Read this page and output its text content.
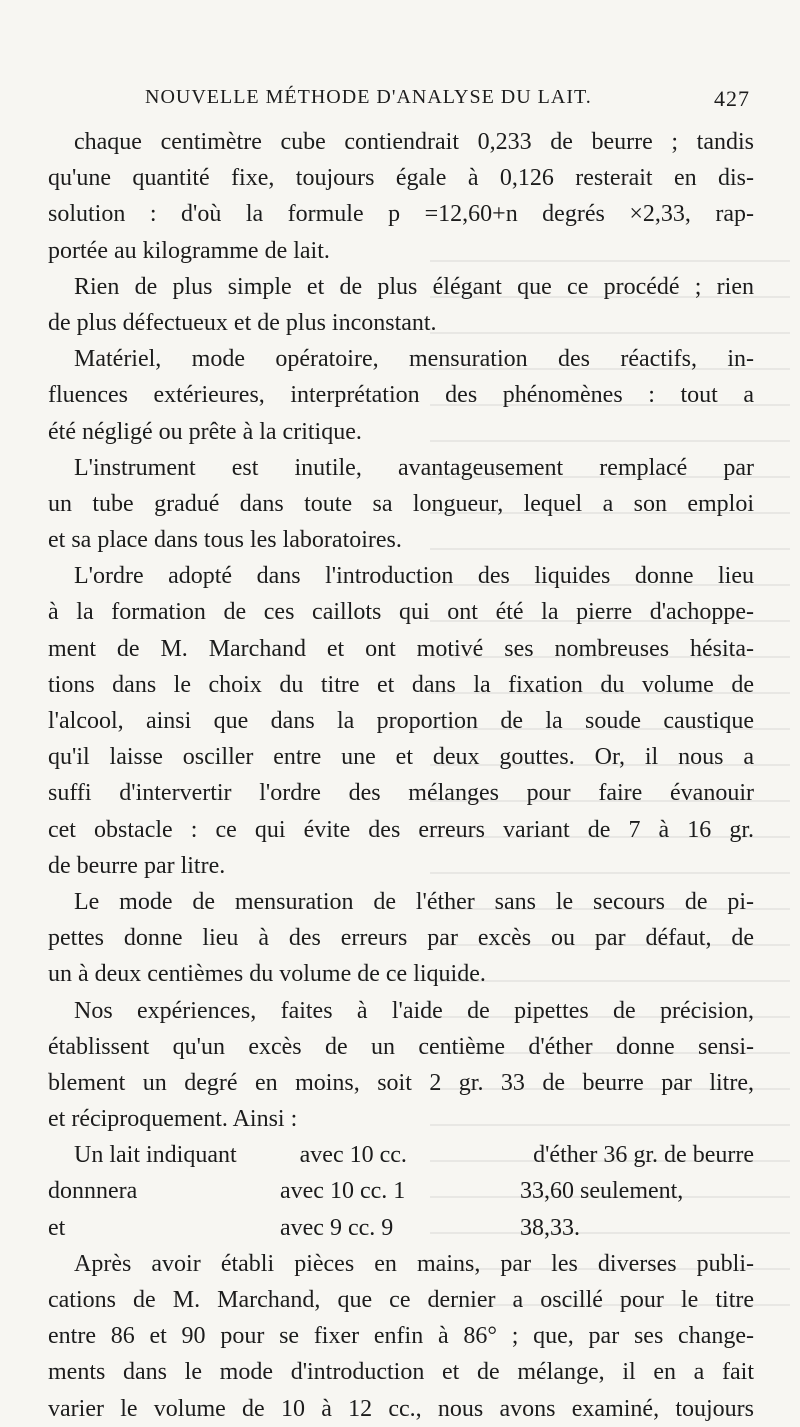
NOUVELLE MÉTHODE D'ANALYSE DU LAIT.	427
chaque centimètre cube contiendrait 0,233 de beurre ; tandis
qu'une quantité fixe, toujours égale à 0,126 resterait en dis-
solution : d'où la formule p =12,60+n degrés ×2,33, rap-
portée au kilogramme de lait.
Rien de plus simple et de plus élégant que ce procédé ; rien
de plus défectueux et de plus inconstant.
Matériel, mode opératoire, mensuration des réactifs, in-
fluences extérieures, interprétation des phénomènes : tout a
été négligé ou prête à la critique.
L'instrument est inutile, avantageusement remplacé par
un tube gradué dans toute sa longueur, lequel a son emploi
et sa place dans tous les laboratoires.
L'ordre adopté dans l'introduction des liquides donne lieu
à la formation de ces caillots qui ont été la pierre d'achoppe-
ment de M. Marchand et ont motivé ses nombreuses hésita-
tions dans le choix du titre et dans la fixation du volume de
l'alcool, ainsi que dans la proportion de la soude caustique
qu'il laisse osciller entre une et deux gouttes. Or, il nous a
suffi d'intervertir l'ordre des mélanges pour faire évanouir
cet obstacle : ce qui évite des erreurs variant de 7 à 16 gr.
de beurre par litre.
Le mode de mensuration de l'éther sans le secours de pi-
pettes donne lieu à des erreurs par excès ou par défaut, de
un à deux centièmes du volume de ce liquide.
Nos expériences, faites à l'aide de pipettes de précision,
établissent qu'un excès de un centième d'éther donne sensi-
blement un degré en moins, soit 2 gr. 33 de beurre par litre,
et réciproquement. Ainsi :
Un lait indiquant	avec 10 cc.	d'éther 36 gr. de beurre
donnnera	avec 10 cc. 1	33,60 seulement,
et	avec 9 cc. 9	38,33.
Après avoir établi pièces en mains, par les diverses publi-
cations de M. Marchand, que ce dernier a oscillé pour le titre
entre 86 et 90 pour se fixer enfin à 86° ; que, par ses change-
ments dans le mode d'introduction et de mélange, il en a fait
varier le volume de 10 à 12 cc., nous avons examiné, toujours
